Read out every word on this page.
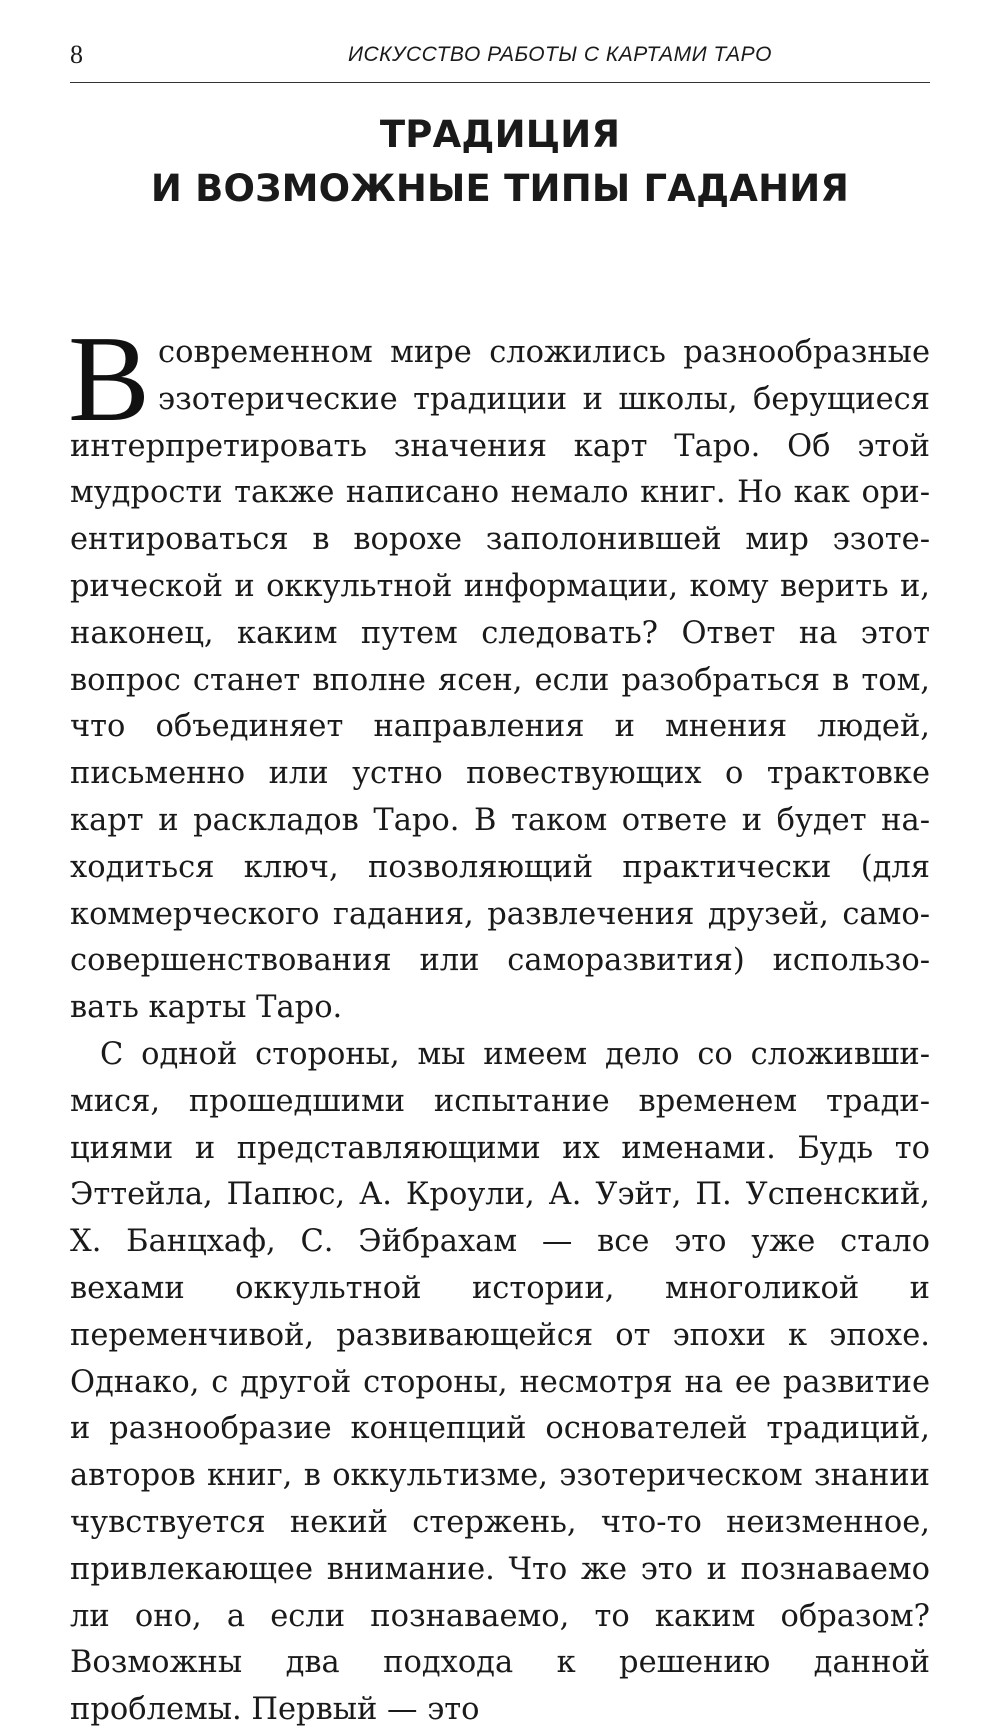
8	ИСКУССТВО РАБОТЫ С КАРТАМИ ТАРО
ТРАДИЦИЯ
И ВОЗМОЖНЫЕ ТИПЫ ГАДАНИЯ

В современном мире сложились разнообразные эзотерические традиции и школы, берущиеся интерпретировать значения карт Таро. Об этой мудрости также написано немало книг. Но как ориентироваться в ворохе заполонившей мир эзотерической и оккультной информации, кому верить и, наконец, каким путем следовать? Ответ на этот вопрос станет вполне ясен, если разобраться в том, что объединяет направления и мнения людей, письменно или устно повествующих о трактовке карт и раскладов Таро. В таком ответе и будет находиться ключ, позволяющий практически (для коммерческого гадания, развлечения друзей, самосовершенствования или саморазвития) использовать карты Таро.

С одной стороны, мы имеем дело со сложившимися, прошедшими испытание временем традициями и представляющими их именами. Будь то Эттейла, Папюс, А. Кроули, А. Уэйт, П. Успенский, Х. Банцхаф, С. Эйбрахам — все это уже стало вехами оккультной истории, многоликой и переменчивой, развивающейся от эпохи к эпохе. Однако, с другой стороны, несмотря на ее развитие и разнообразие концепций основателей традиций, авторов книг, в оккультизме, эзотерическом знании чувствуется некий стержень, что-то неизменное, привлекающее внимание. Что же это и познаваемо ли оно, а если познаваемо, то каким образом? Возможны два подхода к решению данной проблемы. Первый — это
